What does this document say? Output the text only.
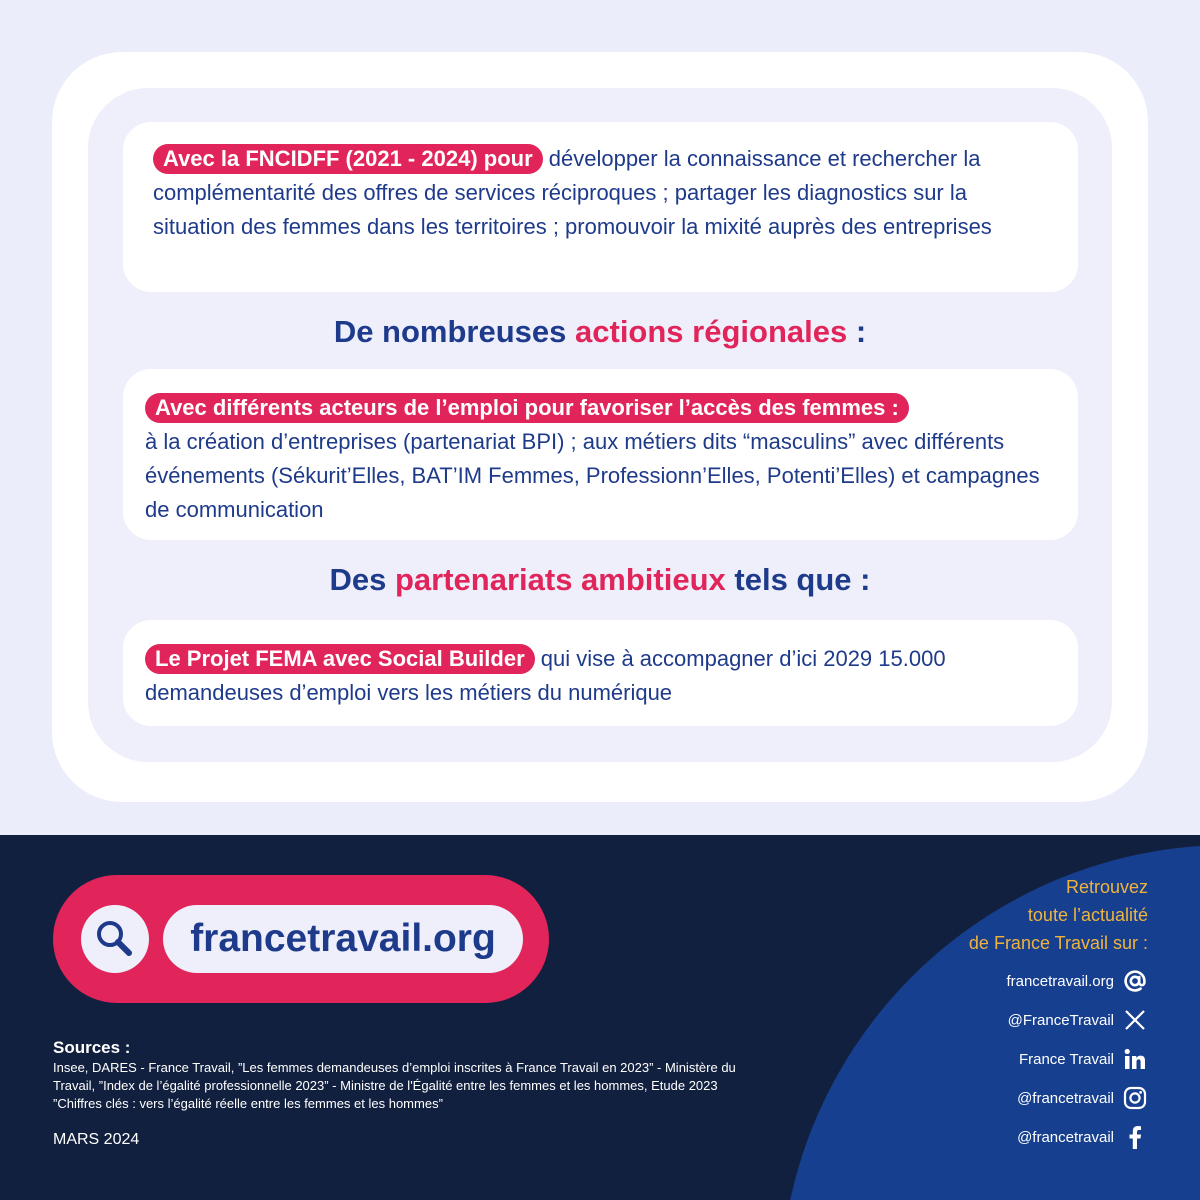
Avec la FNCIDFF (2021 - 2024) pour développer la connaissance et rechercher la complémentarité des offres de services réciproques ; partager les diagnostics sur la situation des femmes dans les territoires ; promouvoir la mixité auprès des entreprises
De nombreuses actions régionales :
Avec différents acteurs de l’emploi pour favoriser l’accès des femmes :
à la création d’entreprises (partenariat BPI) ; aux métiers dits “masculins” avec différents événements (Sékurit’Elles, BAT’IM Femmes, Professionn’Elles, Potenti’Elles) et campagnes de communication
Des partenariats ambitieux tels que :
Le Projet FEMA avec Social Builder qui vise à accompagner d’ici 2029 15.000 demandeuses d’emploi vers les métiers du numérique
francetravail.org
Sources :
Insee, DARES - France Travail, ”Les femmes demandeuses d’emploi inscrites à France Travail en 2023” - Ministère du Travail, ”Index de l’égalité professionnelle 2023” - Ministre de l'Égalité entre les femmes et les hommes, Etude 2023 ”Chiffres clés : vers l’égalité réelle entre les femmes et les hommes”
MARS 2024
Retrouvez
toute l’actualité
de France Travail sur :
francetravail.org
@FranceTravail
France Travail
@francetravail
@francetravail
